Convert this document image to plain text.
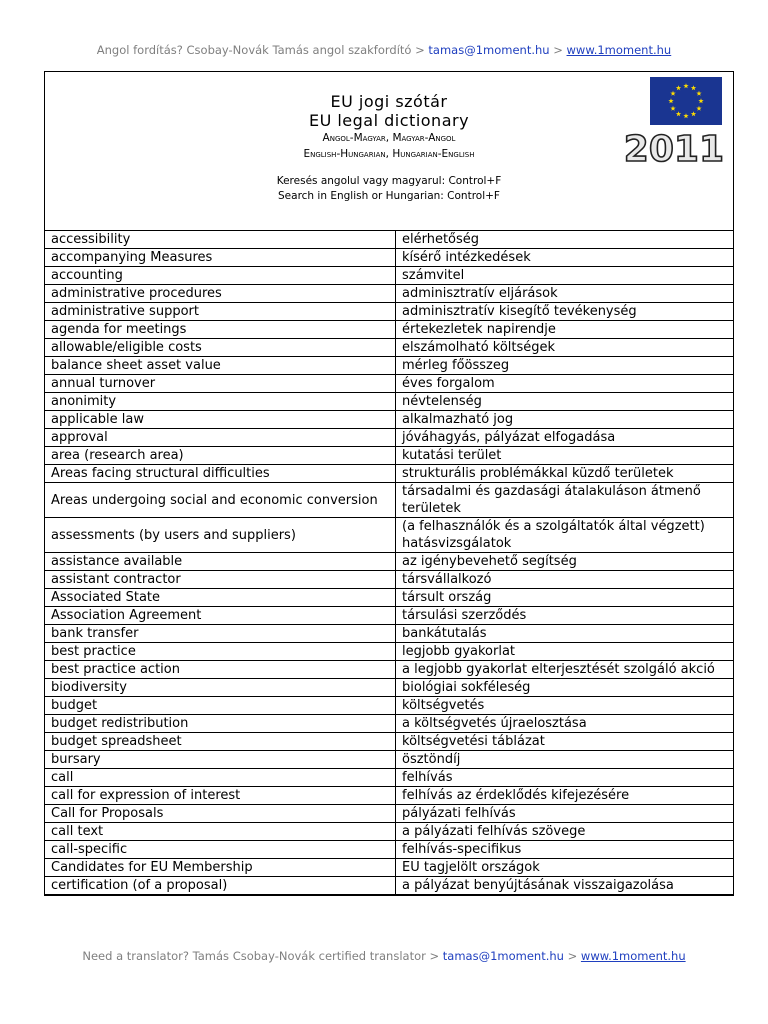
Angol fordítás? Csobay-Novák Tamás angol szakfordító > tamas@1moment.hu > www.1moment.hu
EU jogi szótár
EU legal dictionary
Angol-Magyar, Magyar-Angol
English-Hungarian, Hungarian-English
Keresés angolul vagy magyarul: Control+F
Search in English or Hungarian: Control+F
2011
accessibility	elérhetőség
accompanying Measures	kísérő intézkedések
accounting	számvitel
administrative procedures	adminisztratív eljárások
administrative support	adminisztratív kisegítő tevékenység
agenda for meetings	értekezletek napirendje
allowable/eligible costs	elszámolható költségek
balance sheet asset value	mérleg főösszeg
annual turnover	éves forgalom
anonimity	névtelenség
applicable law	alkalmazható jog
approval	jóváhagyás, pályázat elfogadása
area (research area)	kutatási terület
Areas facing structural difficulties	strukturális problémákkal küzdő területek
Areas undergoing social and economic conversion	társadalmi és gazdasági átalakuláson átmenő területek
assessments (by users and suppliers)	(a felhasználók és a szolgáltatók által végzett) hatásvizsgálatok
assistance available	az igénybevehető segítség
assistant contractor	társvállalkozó
Associated State	társult ország
Association Agreement	társulási szerződés
bank transfer	bankátutalás
best practice	legjobb gyakorlat
best practice action	a legjobb gyakorlat elterjesztését szolgáló akció
biodiversity	biológiai sokféleség
budget	költségvetés
budget redistribution	a költségvetés újraelosztása
budget spreadsheet	költségvetési táblázat
bursary	ösztöndíj
call	felhívás
call for expression of interest	felhívás az érdeklődés kifejezésére
Call for Proposals	pályázati felhívás
call text	a pályázati felhívás szövege
call-specific	felhívás-specifikus
Candidates for EU Membership	EU tagjelölt országok
certification (of a proposal)	a pályázat benyújtásának visszaigazolása
Need a translator? Tamás Csobay-Novák certified translator > tamas@1moment.hu > www.1moment.hu
